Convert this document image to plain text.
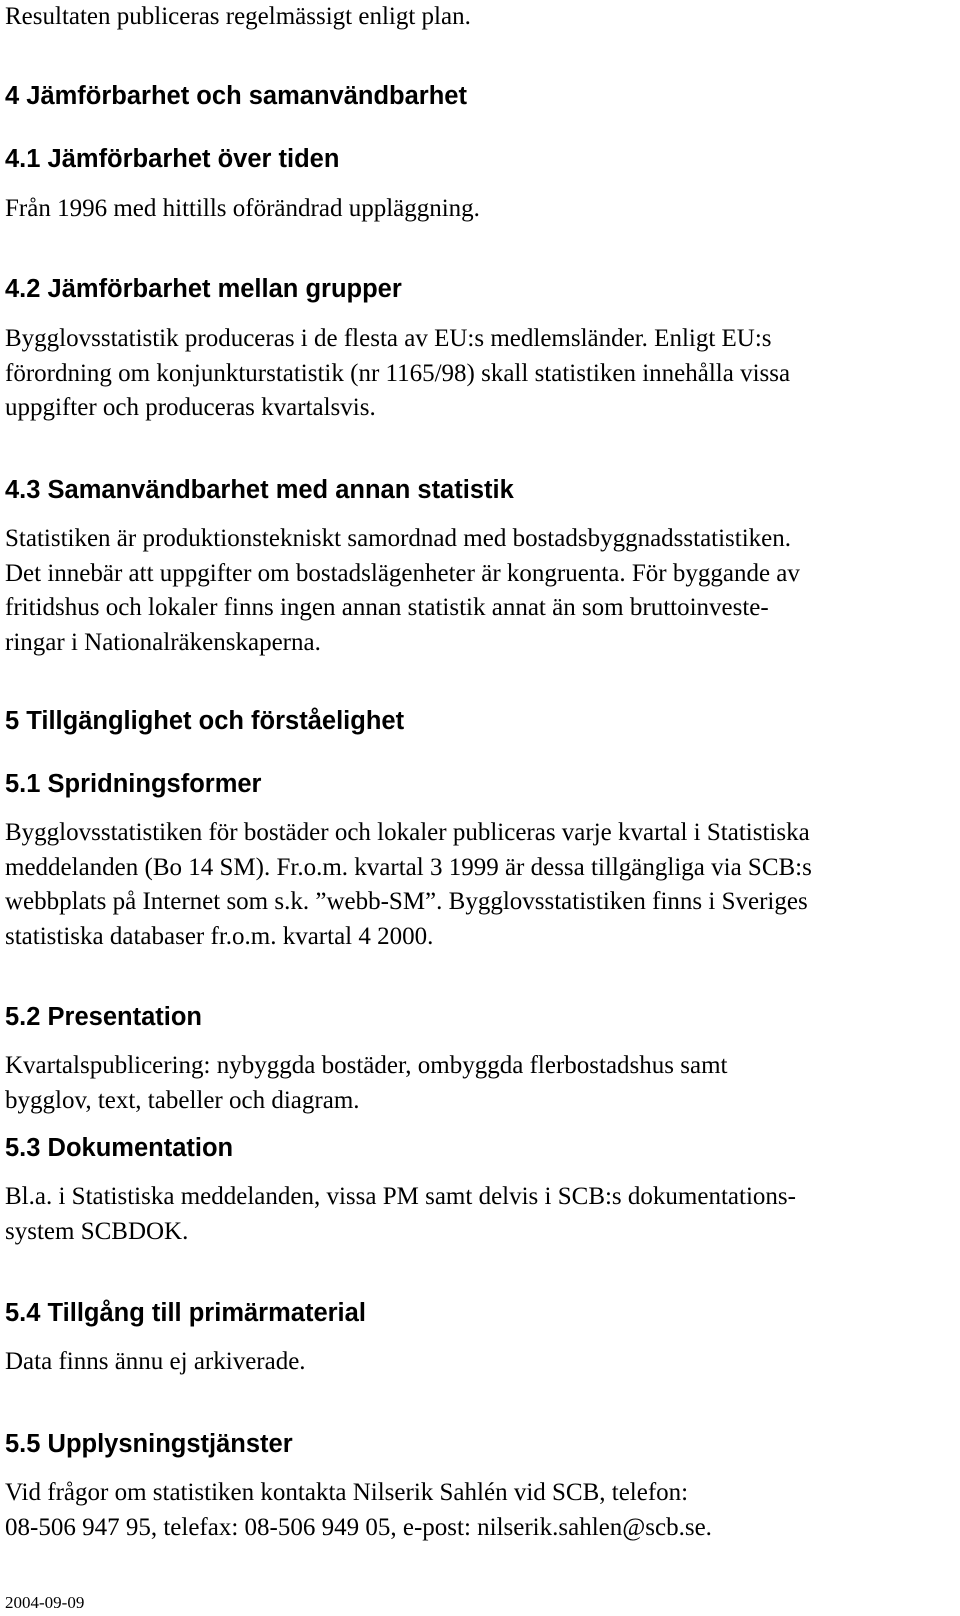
Resultaten publiceras regelmässigt enligt plan.

4 Jämförbarhet och samanvändbarhet
4.1 Jämförbarhet över tiden

Från 1996 med hittills oförändrad uppläggning.

4.2 Jämförbarhet mellan grupper

Bygglovsstatistik produceras i de flesta av EU:s medlemsländer. Enligt EU:s
förordning om konjunkturstatistik (nr 1165/98) skall statistiken innehålla vissa
uppgifter och produceras kvartalsvis.

4.3 Samanvändbarhet med annan statistik

Statistiken är produktionstekniskt samordnad med bostadsbyggnadsstatistiken.
Det innebär att uppgifter om bostadslägenheter är kongruenta. För byggande av
fritidshus och lokaler finns ingen annan statistik annat än som bruttoinveste-
ringar i Nationalräkenskaperna.

5 Tillgänglighet och förståelighet
5.1 Spridningsformer

Bygglovsstatistiken för bostäder och lokaler publiceras varje kvartal i Statistiska
meddelanden (Bo 14 SM). Fr.o.m. kvartal 3 1999 är dessa tillgängliga via SCB:s
webbplats på Internet som s.k. ”webb-SM”. Bygglovsstatistiken finns i Sveriges
statistiska databaser fr.o.m. kvartal 4 2000.

5.2 Presentation

Kvartalspublicering: nybyggda bostäder, ombyggda flerbostadshus samt
bygglov, text, tabeller och diagram.

5.3 Dokumentation

Bl.a. i Statistiska meddelanden, vissa PM samt delvis i SCB:s dokumentations-
system SCBDOK.

5.4 Tillgång till primärmaterial

Data finns ännu ej arkiverade.

5.5 Upplysningstjänster

Vid frågor om statistiken kontakta Nilserik Sahlén vid SCB, telefon:
08-506 947 95, telefax: 08-506 949 05, e-post: nilserik.sahlen@scb.se.

2004-09-09
